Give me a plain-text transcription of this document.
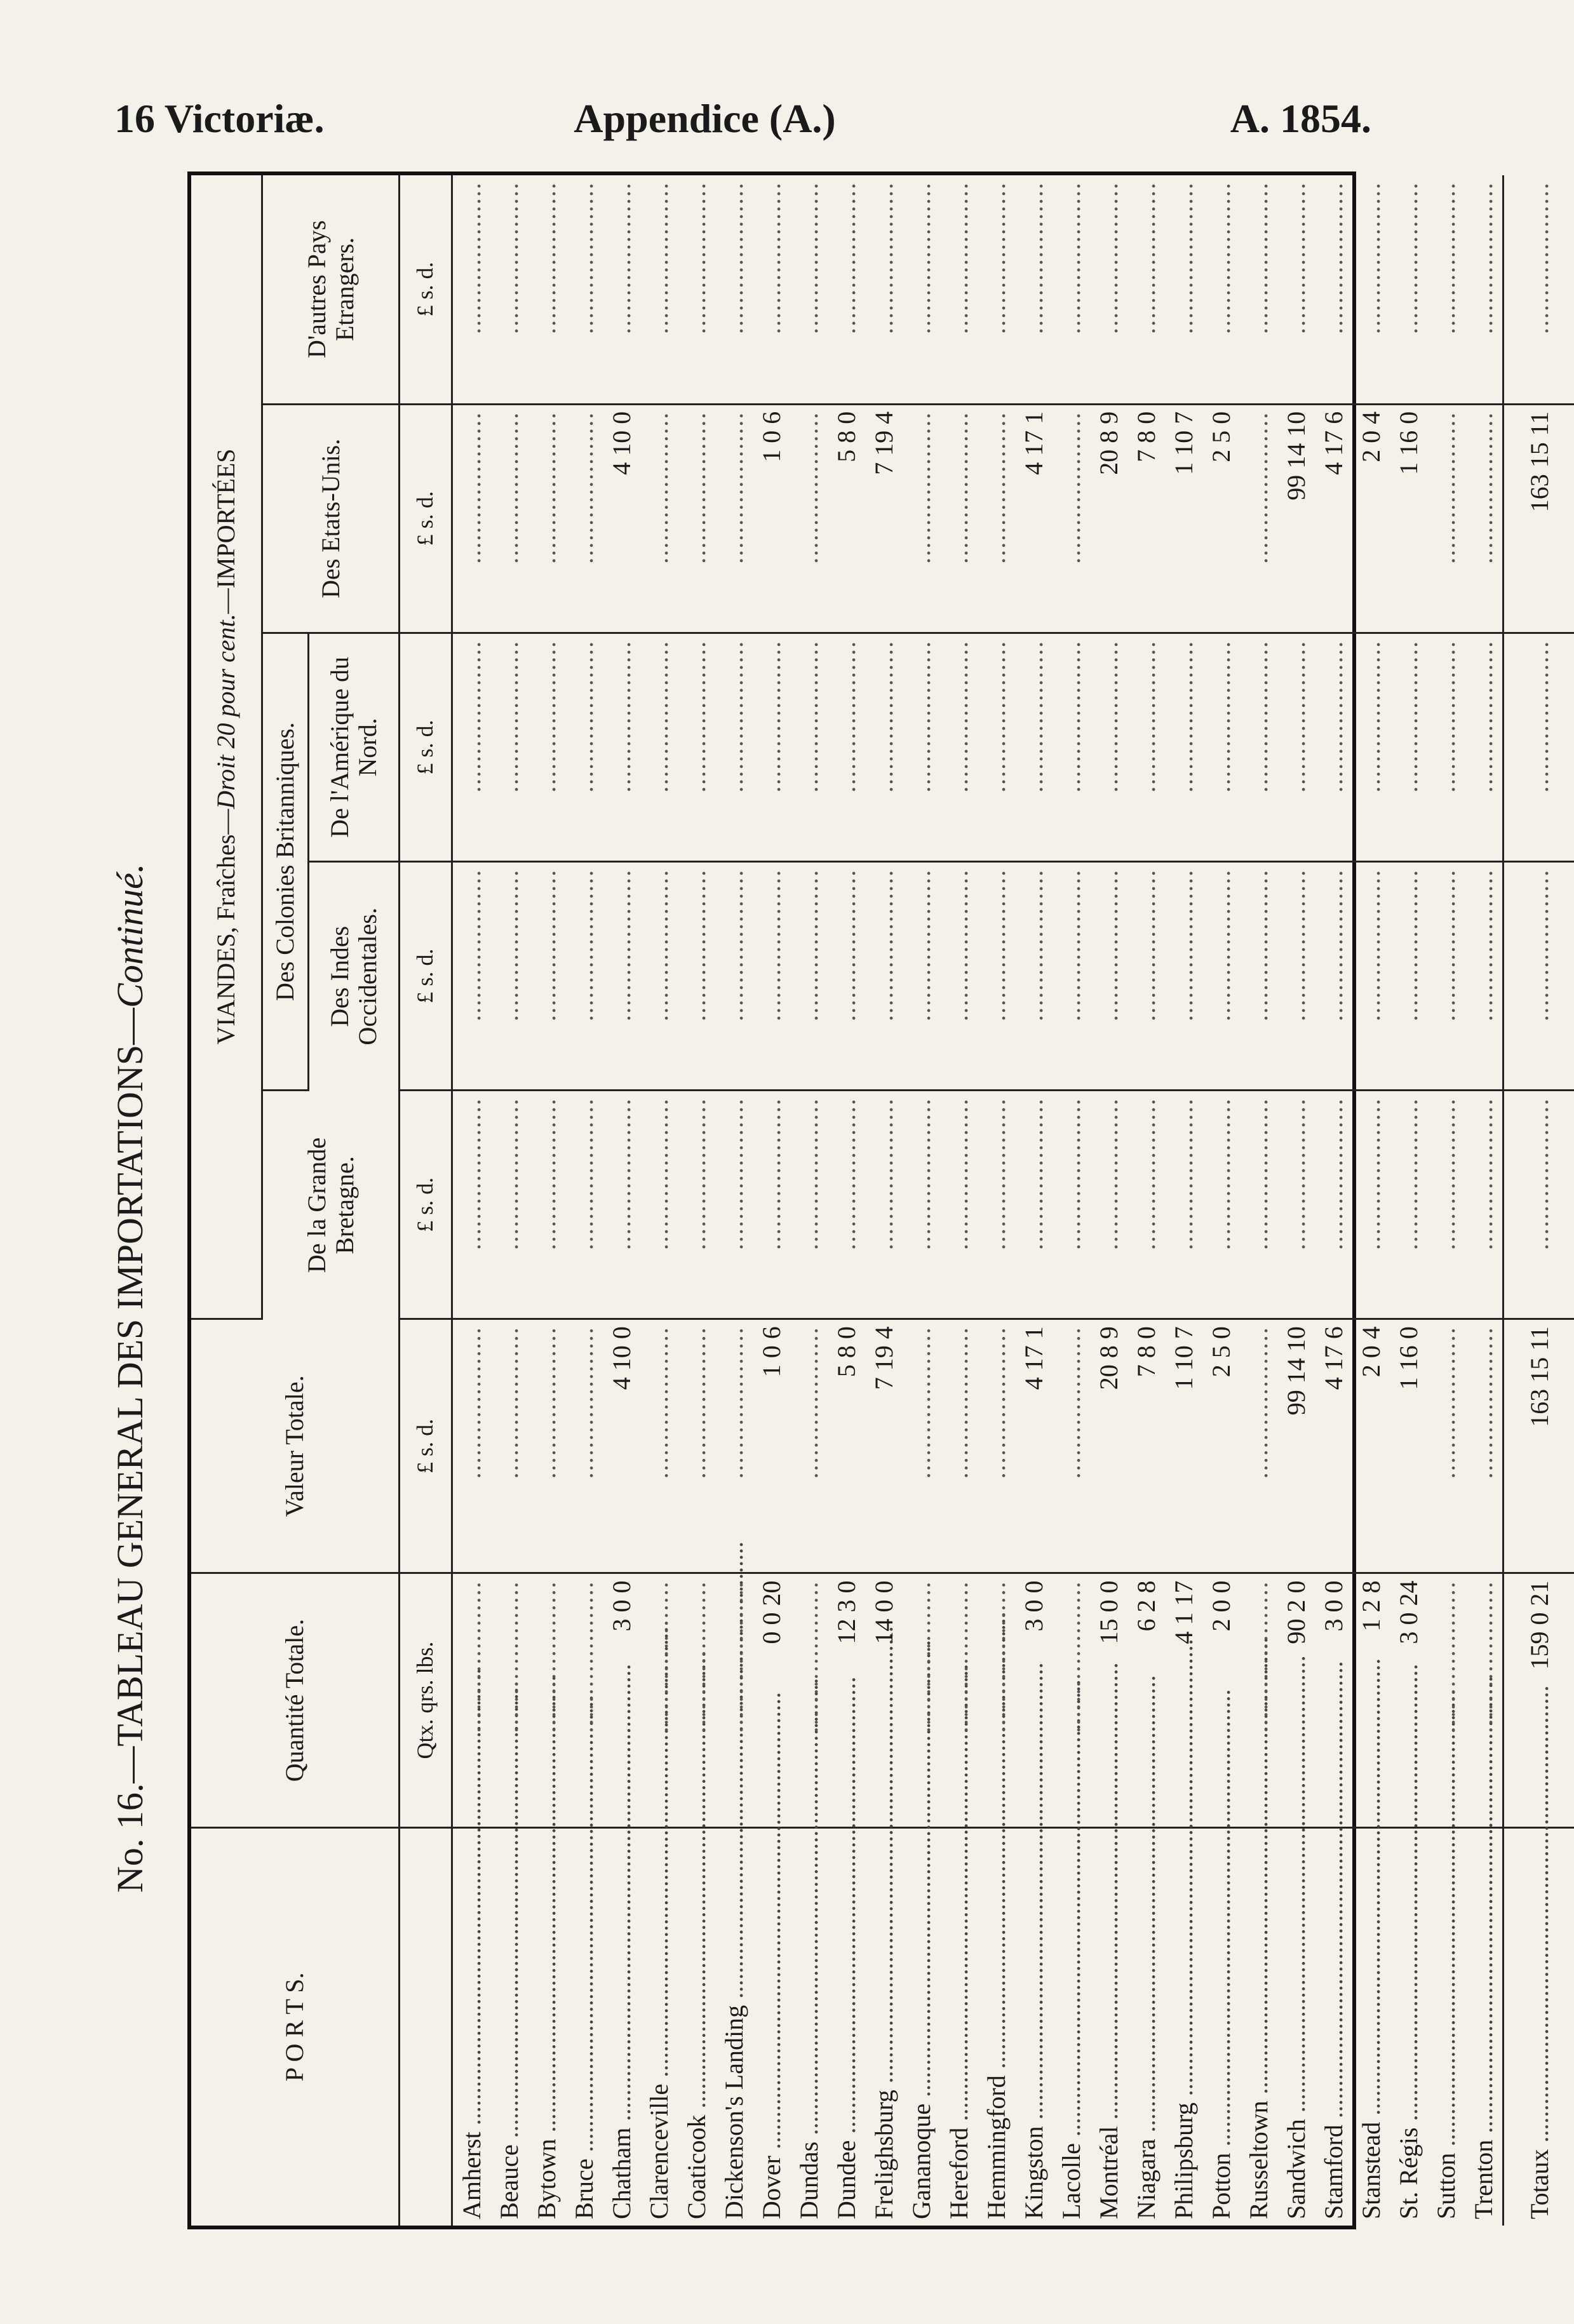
16 Victoriæ.	Appendice (A.)	A. 1854.
No. 16.—TABLEAU GENERAL DES IMPORTATIONS—Continué.
P O R T S.	Quantité Totale.	Valeur Totale.	VIANDES, Fraîches—Droit 20 pour cent.—IMPORTÉES				
			De la Grande Bretagne.	Des Colonies Britanniques.		Des Etats-Unis.	D'autres Pays Etrangers.
				Des Indes Occidentales.	De l'Amérique du Nord.		
	Qtx. qrs. lbs.	£ s. d.	£ s. d.	£ s. d.	£ s. d.	£ s. d.	£ s. d.
Amherst .....	.....	.....	.....	.....	.....	.....	.....
Beauce .....	.....	.....	.....	.....	.....	.....	.....
Bytown .....	.....	.....	.....	.....	.....	.....	.....
Bruce .....	.....	.....	.....	.....	.....	.....	.....
Chatham .....	3 0 0	4 10 0	.....	.....	.....	4 10 0	.....
Clarenceville .....	.....	.....	.....	.....	.....	.....	.....
Coaticook .....	.....	.....	.....	.....	.....	.....	.....
Dickenson's Landing .....	.....	.....	.....	.....	.....	.....	.....
Dover .....	0 0 20	1 0 6	.....	.....	.....	1 0 6	.....
Dundas .....	.....	.....	.....	.....	.....	.....	.....
Dundee .....	12 3 0	5 8 0	.....	.....	.....	5 8 0	.....
Frelighsburg .....	14 0 0	7 19 4	.....	.....	.....	7 19 4	.....
Gananoque .....	.....	.....	.....	.....	.....	.....	.....
Hereford .....	.....	.....	.....	.....	.....	.....	.....
Hemmingford .....	.....	.....	.....	.....	.....	.....	.....
Kingston .....	3 0 0	4 17 1	.....	.....	.....	4 17 1	.....
Lacolle .....	.....	.....	.....	.....	.....	.....	.....
Montréal .....	15 0 0	20 8 9	.....	.....	.....	20 8 9	.....
Niagara .....	6 2 8	7 8 0	.....	.....	.....	7 8 0	.....
Philipsburg .....	4 1 17	1 10 7	.....	.....	.....	1 10 7	.....
Potton .....	2 0 0	2 5 0	.....	.....	.....	2 5 0	.....
Russeltown .....	.....	.....	.....	.....	.....	.....	.....
Sandwich .....	90 2 0	99 14 10	.....	.....	.....	99 14 10	.....
Stamford .....	3 0 0	4 17 6	.....	.....	.....	4 17 6	.....
Stanstead .....	1 2 8	2 0 4	.....	.....	.....	2 0 4	.....
St. Régis .....	3 0 24	1 16 0	.....	.....	.....	1 16 0	.....
Sutton .....	.....	.....	.....	.....	.....	.....	.....
Trenton .....	.....	.....	.....	.....	.....	.....	.....
Totaux .....	159 0 21	163 15 11	.....	.....	.....	163 15 11	.....
